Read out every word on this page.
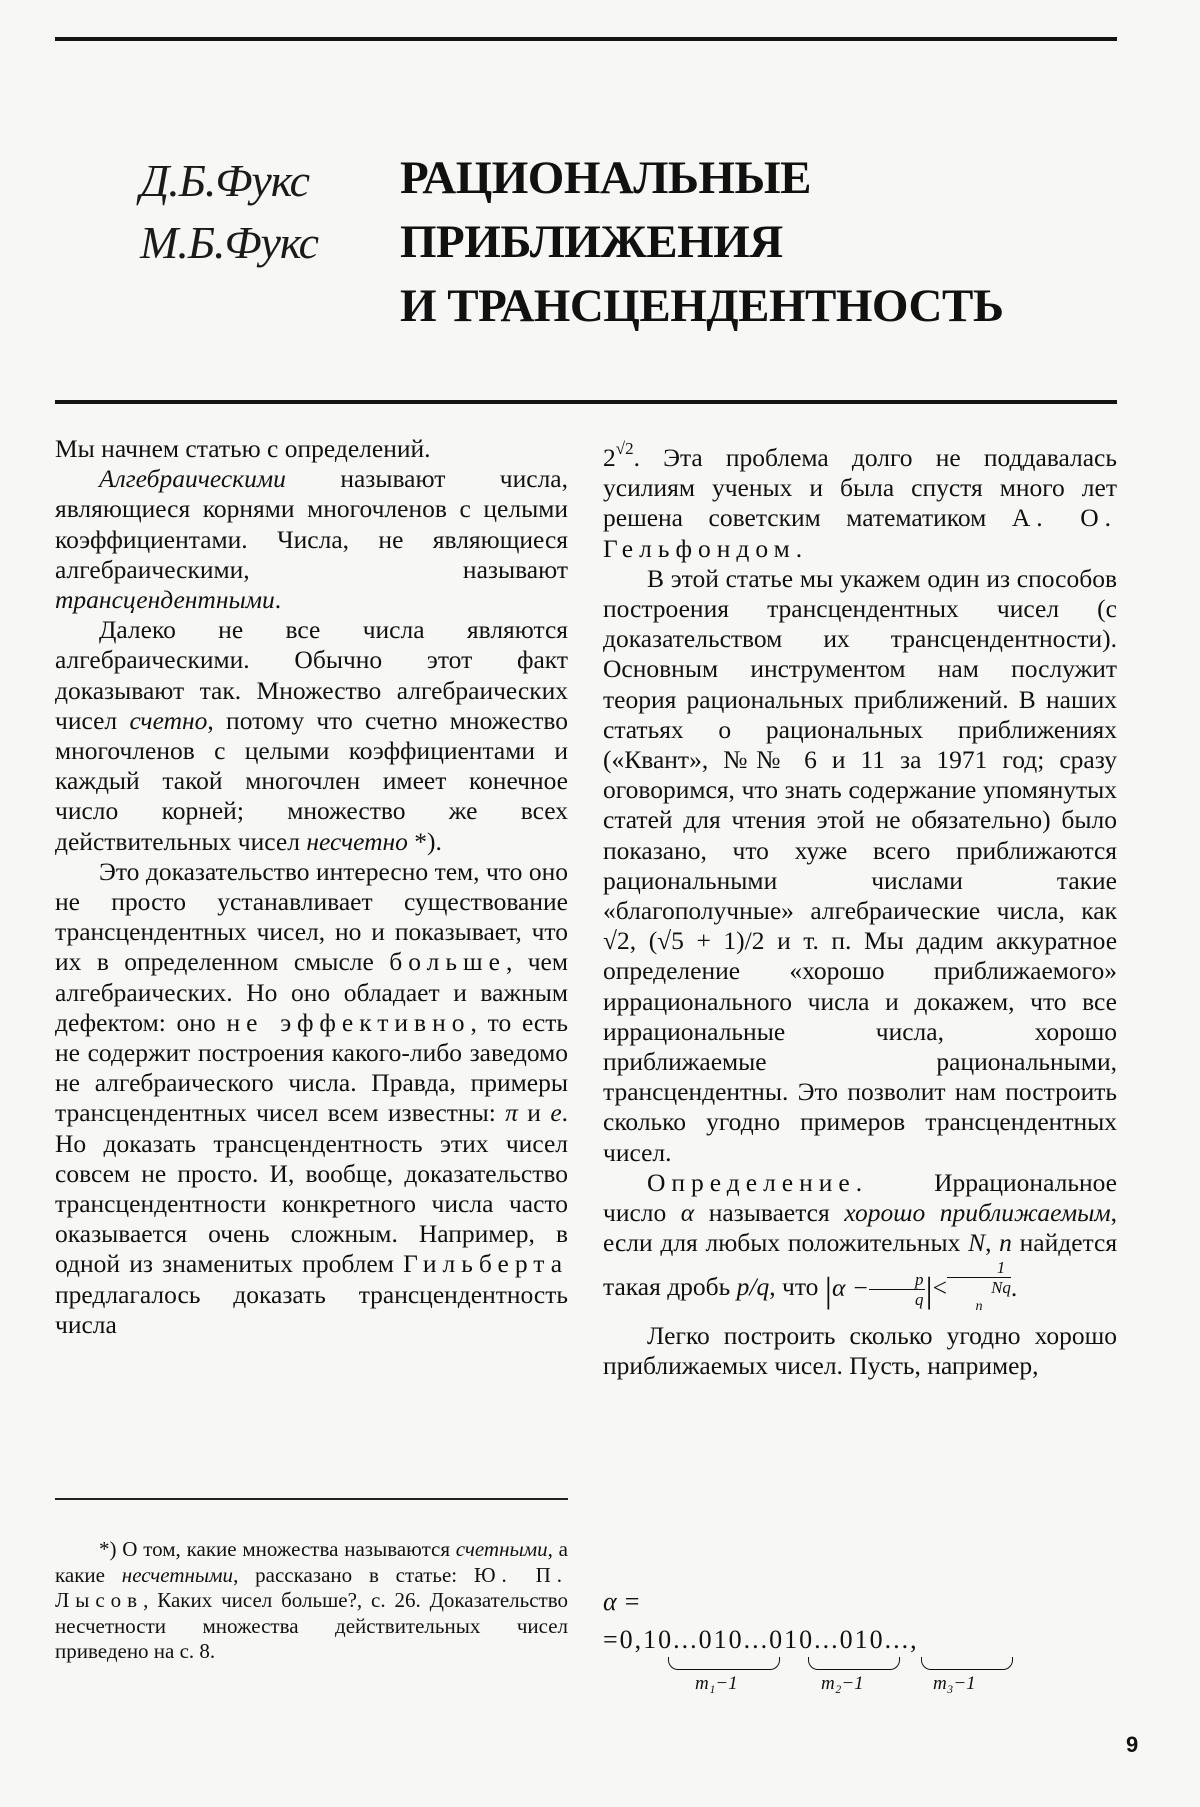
Д.Б.Фукс
М.Б.Фукс
РАЦИОНАЛЬНЫЕ
ПРИБЛИЖЕНИЯ
И ТРАНСЦЕНДЕНТНОСТЬ

Мы начнем статью с определений.

Алгебраическими называют числа, являющиеся корнями многочленов с целыми коэффициентами. Числа, не являющиеся алгебраическими, называют трансцендентными.

Далеко не все числа являются алгебраическими. Обычно этот факт доказывают так. Множество алгебраических чисел счетно, потому что счетно множество многочленов с целыми коэффициентами и каждый такой многочлен имеет конечное число корней; множество же всех действительных чисел несчетно *).

Это доказательство интересно тем, что оно не просто устанавливает существование трансцендентных чисел, но и показывает, что их в определенном смысле больше, чем алгебраических. Но оно обладает и важным дефектом: оно не эффективно, то есть не содержит построения какого-либо заведомо не алгебраического числа. Правда, примеры трансцендентных чисел всем известны: π и e. Но доказать трансцендентность этих чисел совсем не просто. И, вообще, доказательство трансцендентности конкретного числа часто оказывается очень сложным. Например, в одной из знаменитых проблем Гильберта предлагалось доказать трансцендентность числа

*) О том, какие множества называются счетными, а какие несчетными, рассказано в статье: Ю. П. Лысов, Каких чисел больше?, с. 26. Доказательство несчетности множества действительных чисел приведено на с. 8.

$2^{√2}$. Эта проблема долго не поддавалась усилиям ученых и была спустя много лет решена советским математиком А. О. Гельфондом.

В этой статье мы укажем один из способов построения трансцендентных чисел (с доказательством их трансцендентности). Основным инструментом нам послужит теория рациональных приближений. В наших статьях о рациональных приближениях («Квант», №№ 6 и 11 за 1971 год; сразу оговоримся, что знать содержание упомянутых статей для чтения этой не обязательно) было показано, что хуже всего приближаются рациональными числами такие «благополучные» алгебраические числа, как √2, (√5 + 1)/2 и т. п. Мы дадим аккуратное определение «хорошо приближаемого» иррационального числа и докажем, что все иррациональные числа, хорошо приближаемые рациональными, трансцендентны. Это позволит нам построить сколько угодно примеров трансцендентных чисел.

Определение.	Иррациональное число α называется хорошо приближаемым, если для любых положительных N, n найдется такая дробь p/q, что $|\alpha - \frac{p}{q}$ |< 1
Nq
$^n$ .

Легко построить сколько угодно хорошо приближаемых чисел. Пусть, например,

α =
=0,10...010...010...010...,
m₁−1	m₂−1	m₃−1
9
